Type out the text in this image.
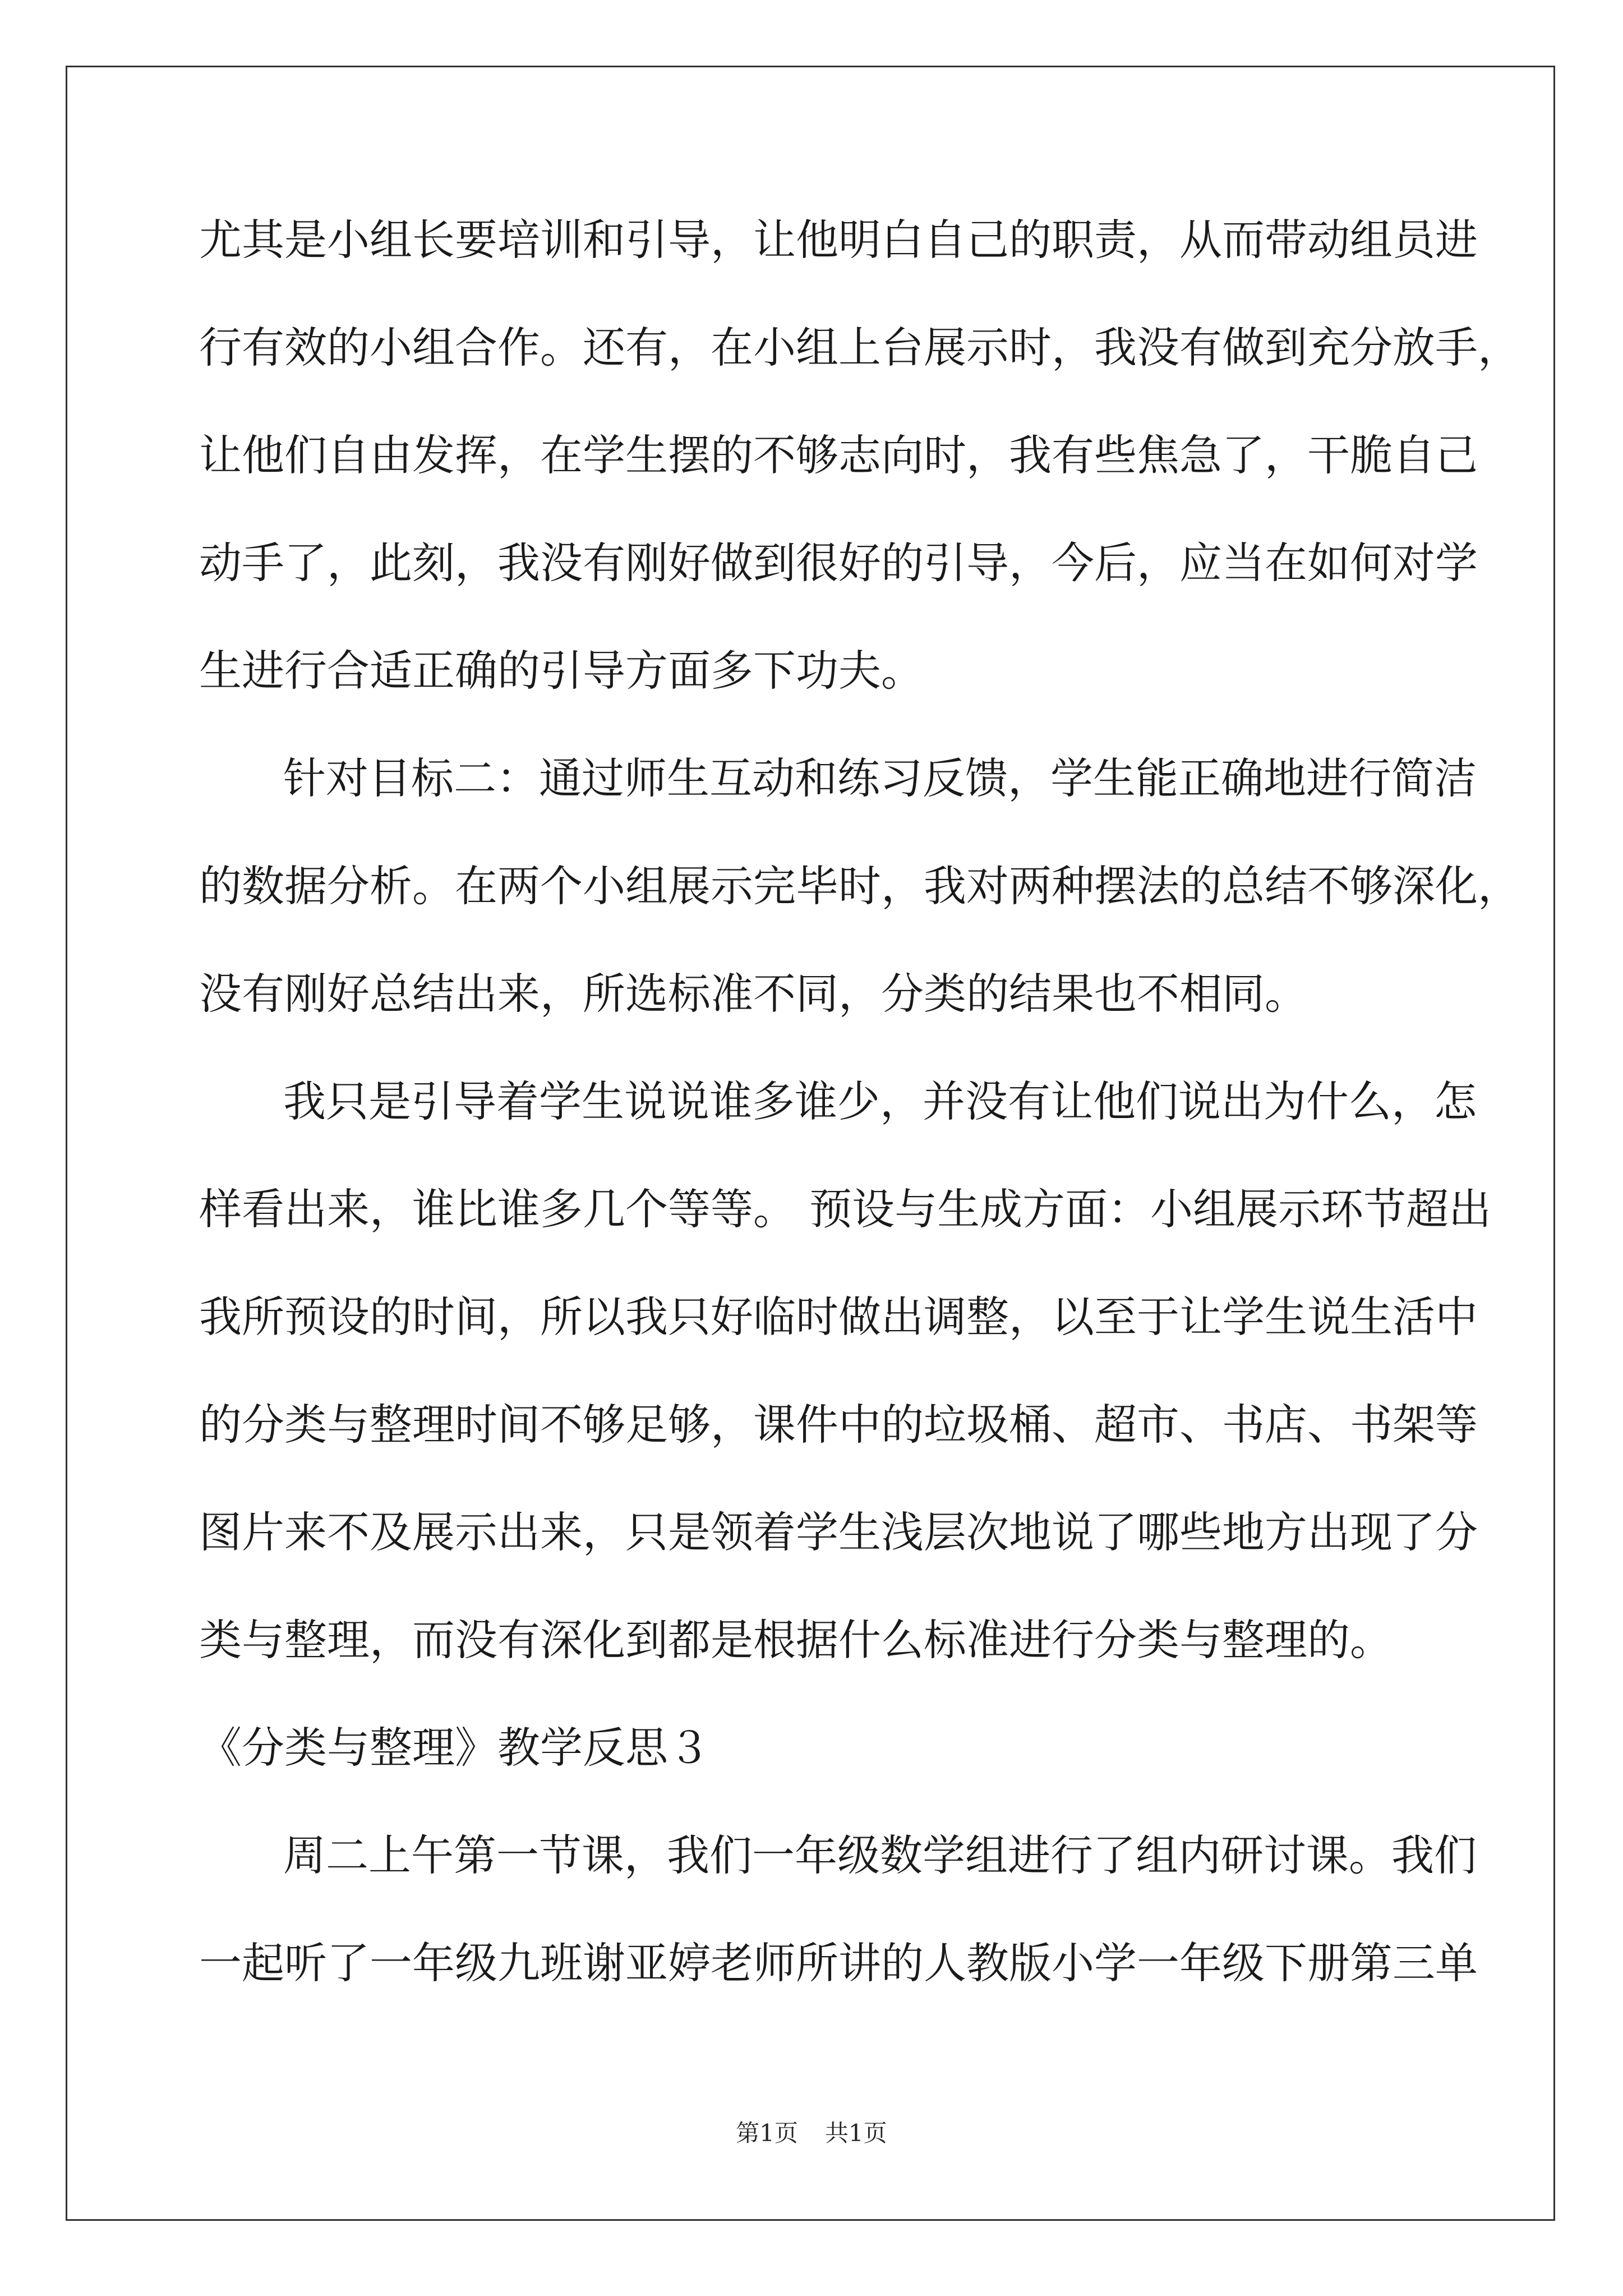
尤其是小组长要培训和引导，让他明白自己的职责，从而带动组员进
行有效的小组合作。还有，在小组上台展示时，我没有做到充分放手，
让他们自由发挥，在学生摆的不够志向时，我有些焦急了，干脆自己
动手了，此刻，我没有刚好做到很好的引导，今后，应当在如何对学
生进行合适正确的引导方面多下功夫。
针对目标二：通过师生互动和练习反馈，学生能正确地进行简洁
的数据分析。在两个小组展示完毕时，我对两种摆法的总结不够深化，
没有刚好总结出来，所选标准不同，分类的结果也不相同。
我只是引导着学生说说谁多谁少，并没有让他们说出为什么，怎
样看出来，谁比谁多几个等等。 预设与生成方面：小组展示环节超出
我所预设的时间，所以我只好临时做出调整，以至于让学生说生活中
的分类与整理时间不够足够，课件中的垃圾桶、超市、书店、书架等
图片来不及展示出来，只是领着学生浅层次地说了哪些地方出现了分
类与整理，而没有深化到都是根据什么标准进行分类与整理的。
《分类与整理》教学反思３
周二上午第一节课，我们一年级数学组进行了组内研讨课。我们
一起听了一年级九班谢亚婷老师所讲的人教版小学一年级下册第三单
第1页 共1页
